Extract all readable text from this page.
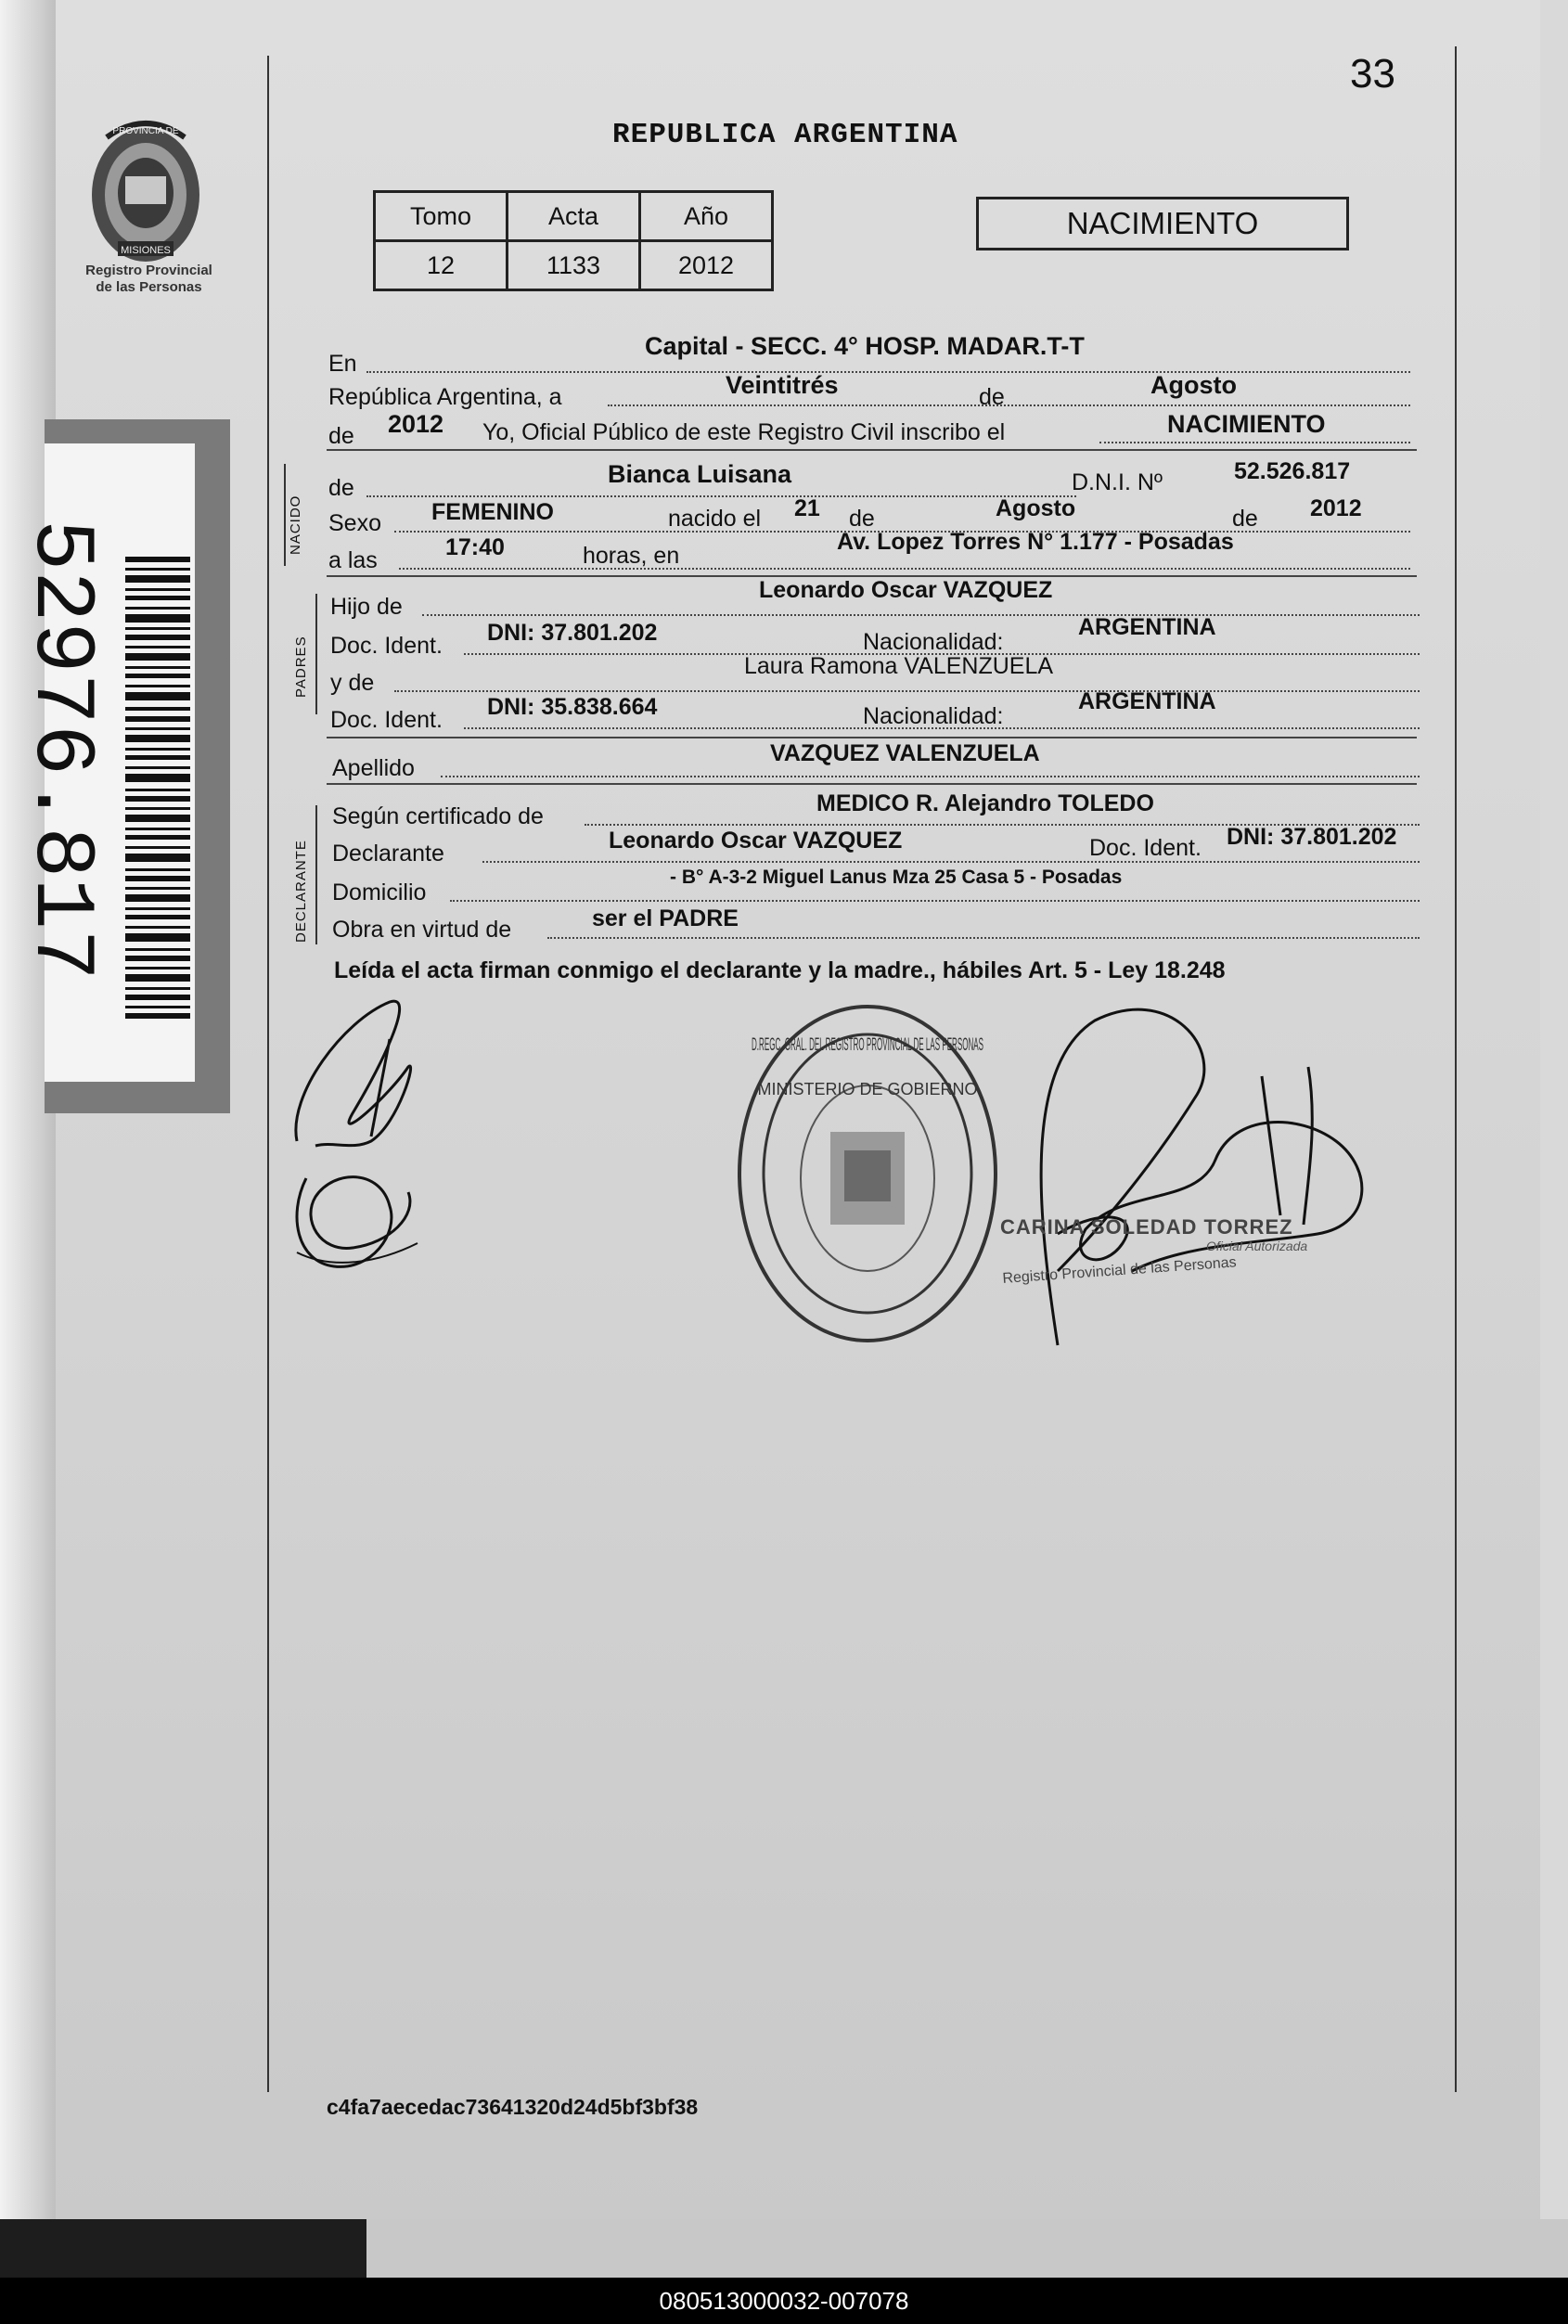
33
REPUBLICA ARGENTINA
PROVINCIA DE
MISIONES
Registro Provincial
de las Personas
52976.817
Tomo	Acta	Año
12	1133	2012
NACIMIENTO
NACIDO
PADRES
DECLARANTE
En
Capital - SECC. 4° HOSP. MADAR.T-T
República Argentina, a	Veintitrés	de	Agosto
de 2012 Yo, Oficial Público de este Registro Civil inscribo el	NACIMIENTO
de	Bianca Luisana	D.N.I. Nº	52.526.817
Sexo FEMENINO	nacido el 21 de	Agosto	de 2012
a las	17:40	horas, en
Av. Lopez Torres N° 1.177 - Posadas
Hijo de
Leonardo Oscar VAZQUEZ
Doc. Ident. DNI: 37.801.202	Nacionalidad:
ARGENTINA
y de
Laura Ramona VALENZUELA
Doc. Ident. DNI: 35.838.664	Nacionalidad:
ARGENTINA
Apellido
VAZQUEZ VALENZUELA
Según certificado de	MEDICO R. Alejandro TOLEDO
Declarante	Leonardo Oscar VAZQUEZ	Doc. Ident. DNI: 37.801.202
Domicilio
- B° A-3-2 Miguel Lanus Mza 25 Casa 5 - Posadas
Obra en virtud de	ser el PADRE
Leída el acta firman conmigo el declarante y la madre., hábiles Art. 5 - Ley 18.248
D.REGC. GRAL. DEL REGISTRO PROVINCIAL DE LAS PERSONAS
MINISTERIO DE GOBIERNO
CARINA SOLEDAD TORREZ
Oficial Autorizada
Registro Provincial de las Personas
c4fa7aecedac73641320d24d5bf3bf38
080513000032-007078
